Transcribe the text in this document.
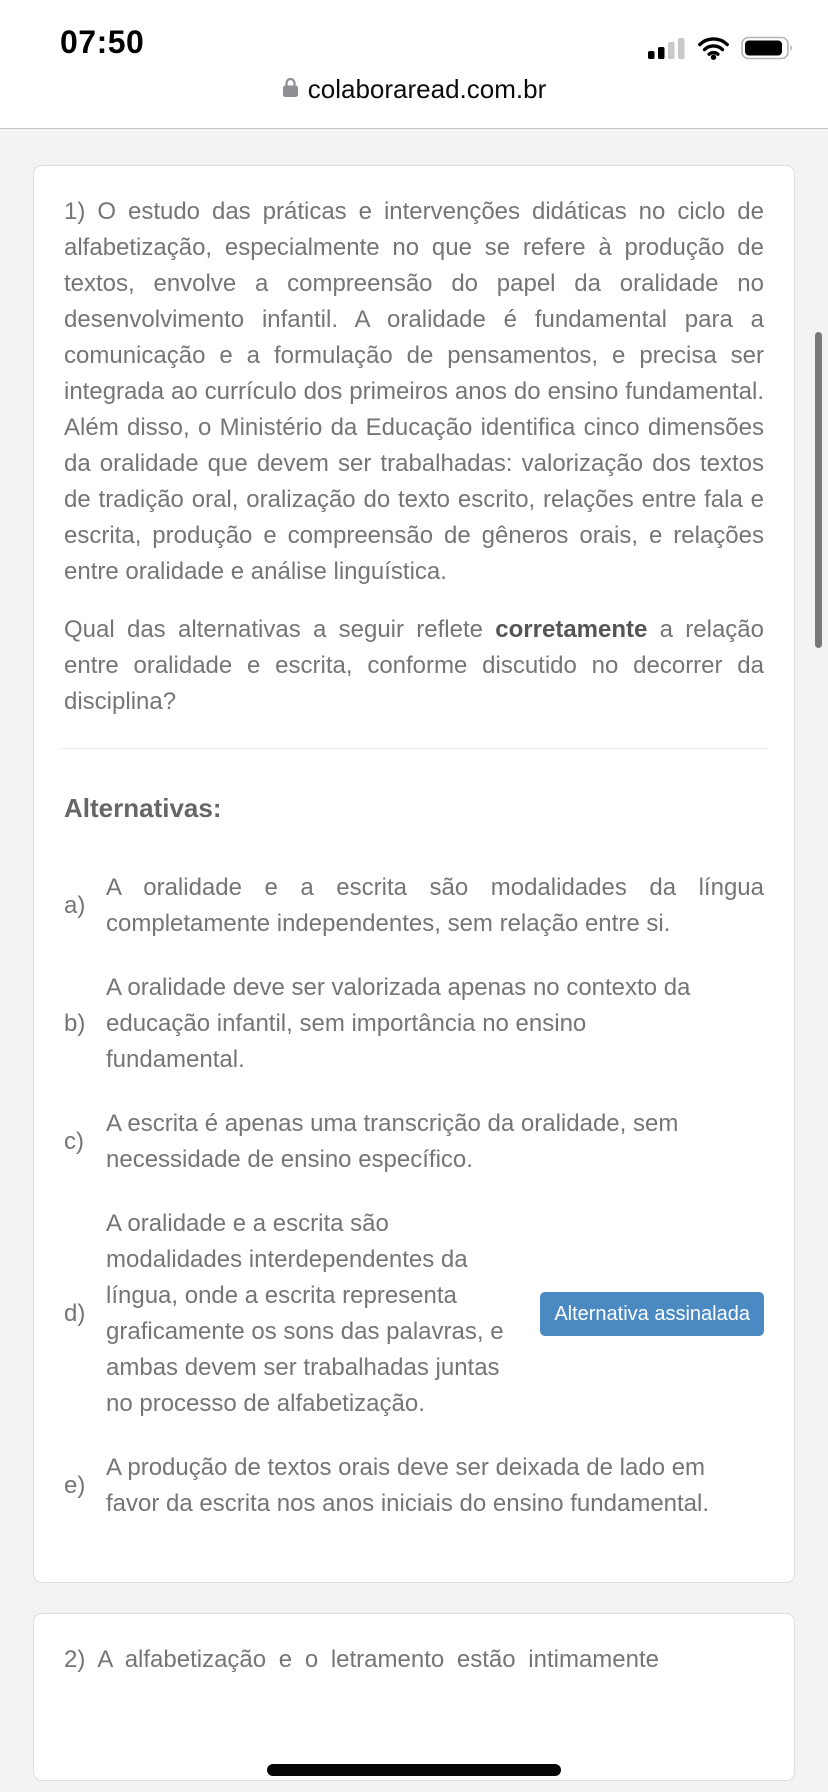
07:50
colaboraread.com.br

1) O estudo das práticas e intervenções didáticas no ciclo de alfabetização, especialmente no que se refere à produção de textos, envolve a compreensão do papel da oralidade no desenvolvimento infantil. A oralidade é fundamental para a comunicação e a formulação de pensamentos, e precisa ser integrada ao currículo dos primeiros anos do ensino fundamental. Além disso, o Ministério da Educação identifica cinco dimensões da oralidade que devem ser trabalhadas: valorização dos textos de tradição oral, oralização do texto escrito, relações entre fala e escrita, produção e compreensão de gêneros orais, e relações entre oralidade e análise linguística.

Qual das alternativas a seguir reflete corretamente a relação entre oralidade e escrita, conforme discutido no decorrer da disciplina?

Alternativas:
a)

A oralidade e a escrita são modalidades da língua completamente independentes, sem relação entre si.

b)

A oralidade deve ser valorizada apenas no contexto da educação infantil, sem importância no ensino fundamental.

c)

A escrita é apenas uma transcrição da oralidade, sem necessidade de ensino específico.

d)

A oralidade e a escrita são modalidades interdependentes da língua, onde a escrita representa graficamente os sons das palavras, e ambas devem ser trabalhadas juntas no processo de alfabetização.

Alternativa assinalada
e)

A produção de textos orais deve ser deixada de lado em favor da escrita nos anos iniciais do ensino fundamental.

2) A alfabetização e o letramento estão intimamente
